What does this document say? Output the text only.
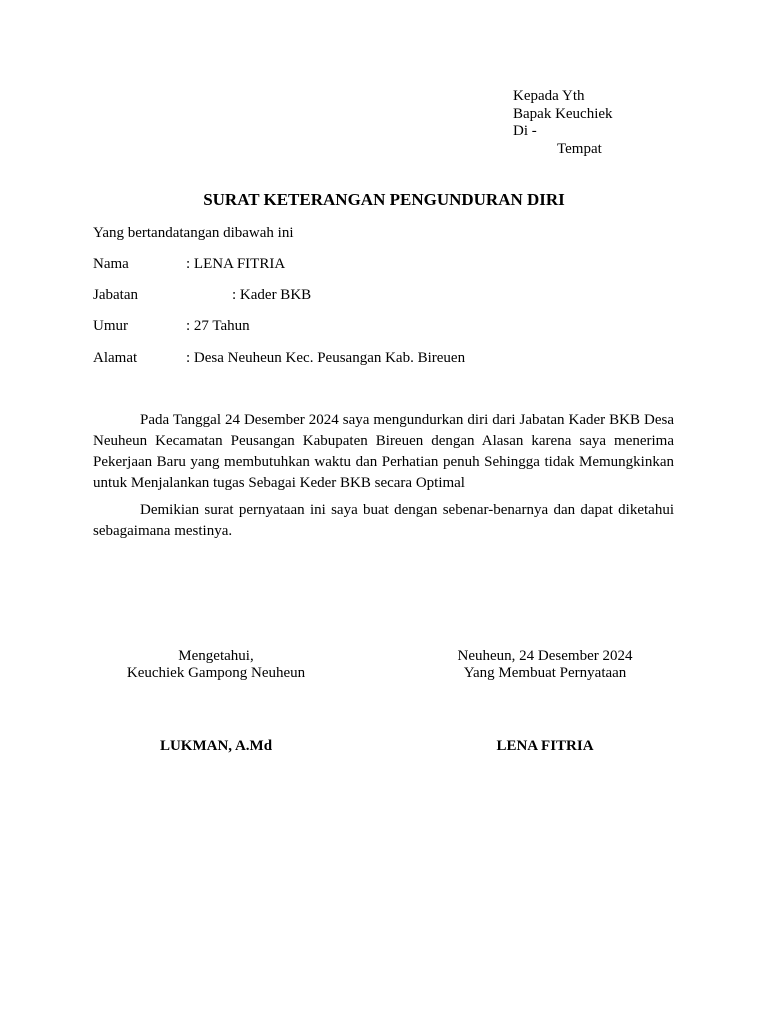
Kepada Yth
Bapak Keuchiek
Di -
Tempat
SURAT KETERANGAN PENGUNDURAN DIRI
Yang bertandatangan dibawah ini
Nama	: LENA FITRIA
Jabatan	: Kader BKB
Umur	: 27 Tahun
Alamat	: Desa Neuheun Kec. Peusangan Kab. Bireuen
Pada Tanggal 24 Desember 2024 saya mengundurkan diri dari Jabatan Kader BKB Desa Neuheun Kecamatan Peusangan Kabupaten Bireuen dengan Alasan karena saya menerima Pekerjaan Baru yang membutuhkan waktu dan Perhatian penuh Sehingga tidak Memungkinkan untuk Menjalankan tugas Sebagai Keder BKB secara Optimal
Demikian surat pernyataan ini saya buat dengan sebenar-benarnya dan dapat diketahui sebagaimana mestinya.
Mengetahui,
Keuchiek Gampong Neuheun
LUKMAN, A.Md
Neuheun, 24 Desember 2024
Yang Membuat Pernyataan
LENA FITRIA
